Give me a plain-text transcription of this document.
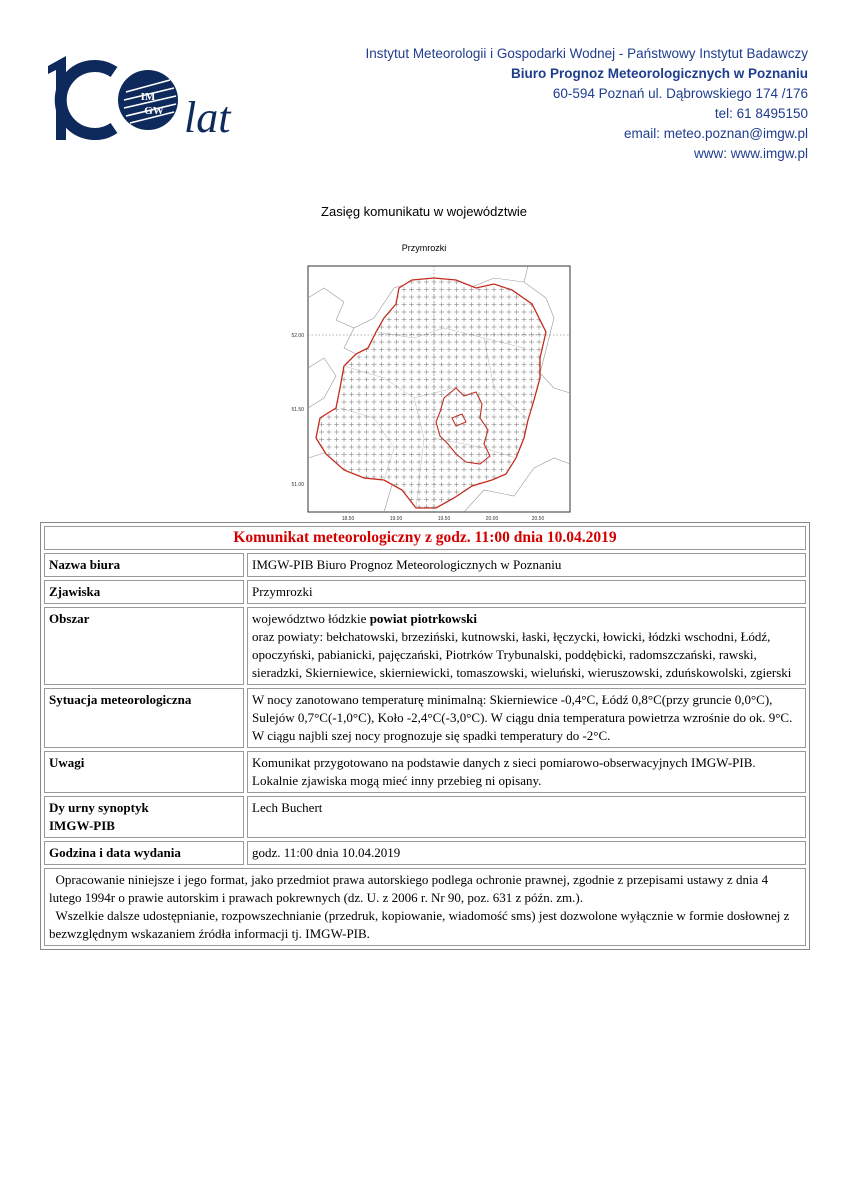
IM
GW lat
Instytut Meteorologii i Gospodarki Wodnej - Państwowy Instytut Badawczy
Biuro Prognoz Meteorologicznych w Poznaniu
60-594 Poznań ul. Dąbrowskiego 174 /176
tel: 61 8495150
email: meteo.poznan@imgw.pl
www: www.imgw.pl
Zasięg komunikatu w województwie
Przymrozki
52.00
51.50
51.00
18.50	19.00	19.50	20.00	20.50
Komunikat meteorologiczny z godz. 11:00 dnia 10.04.2019	
Nazwa biura	IMGW-PIB Biuro Prognoz Meteorologicznych w Poznaniu
Zjawiska	Przymrozki
Obszar	województwo łódzkie powiat piotrkowski
oraz powiaty: bełchatowski, brzeziński, kutnowski, łaski, łęczycki, łowicki, łódzki wschodni, Łódź, opoczyński, pabianicki, pajęczański, Piotrków Trybunalski, poddębicki, radomszczański, rawski, sieradzki, Skierniewice, skierniewicki, tomaszowski, wieluński, wieruszowski, zduńskowolski, zgierski
Sytuacja meteorologiczna	W nocy zanotowano temperaturę minimalną: Skierniewice -0,4°C, Łódź 0,8°C(przy gruncie 0,0°C), Sulejów 0,7°C(-1,0°C), Koło -2,4°C(-3,0°C). W ciągu dnia temperatura powietrza wzrośnie do ok. 9°C. W ciągu najbli szej nocy prognozuje się spadki temperatury do -2°C.
Uwagi	Komunikat przygotowano na podstawie danych z sieci pomiarowo-obserwacyjnych IMGW-PIB. Lokalnie zjawiska mogą mieć inny przebieg ni opisany.
Dy urny synoptyk
IMGW-PIB	Lech Buchert
Godzina i data wydania	godz. 11:00 dnia 10.04.2019
Opracowanie niniejsze i jego format, jako przedmiot prawa autorskiego podlega ochronie prawnej, zgodnie z przepisami ustawy z dnia 4 lutego 1994r o prawie autorskim i prawach pokrewnych (dz. U. z 2006 r. Nr 90, poz. 631 z późn. zm.).
Wszelkie dalsze udostępnianie, rozpowszechnianie (przedruk, kopiowanie, wiadomość sms) jest dozwolone wyłącznie w formie dosłownej z bezwzględnym wskazaniem źródła informacji tj. IMGW-PIB.	
